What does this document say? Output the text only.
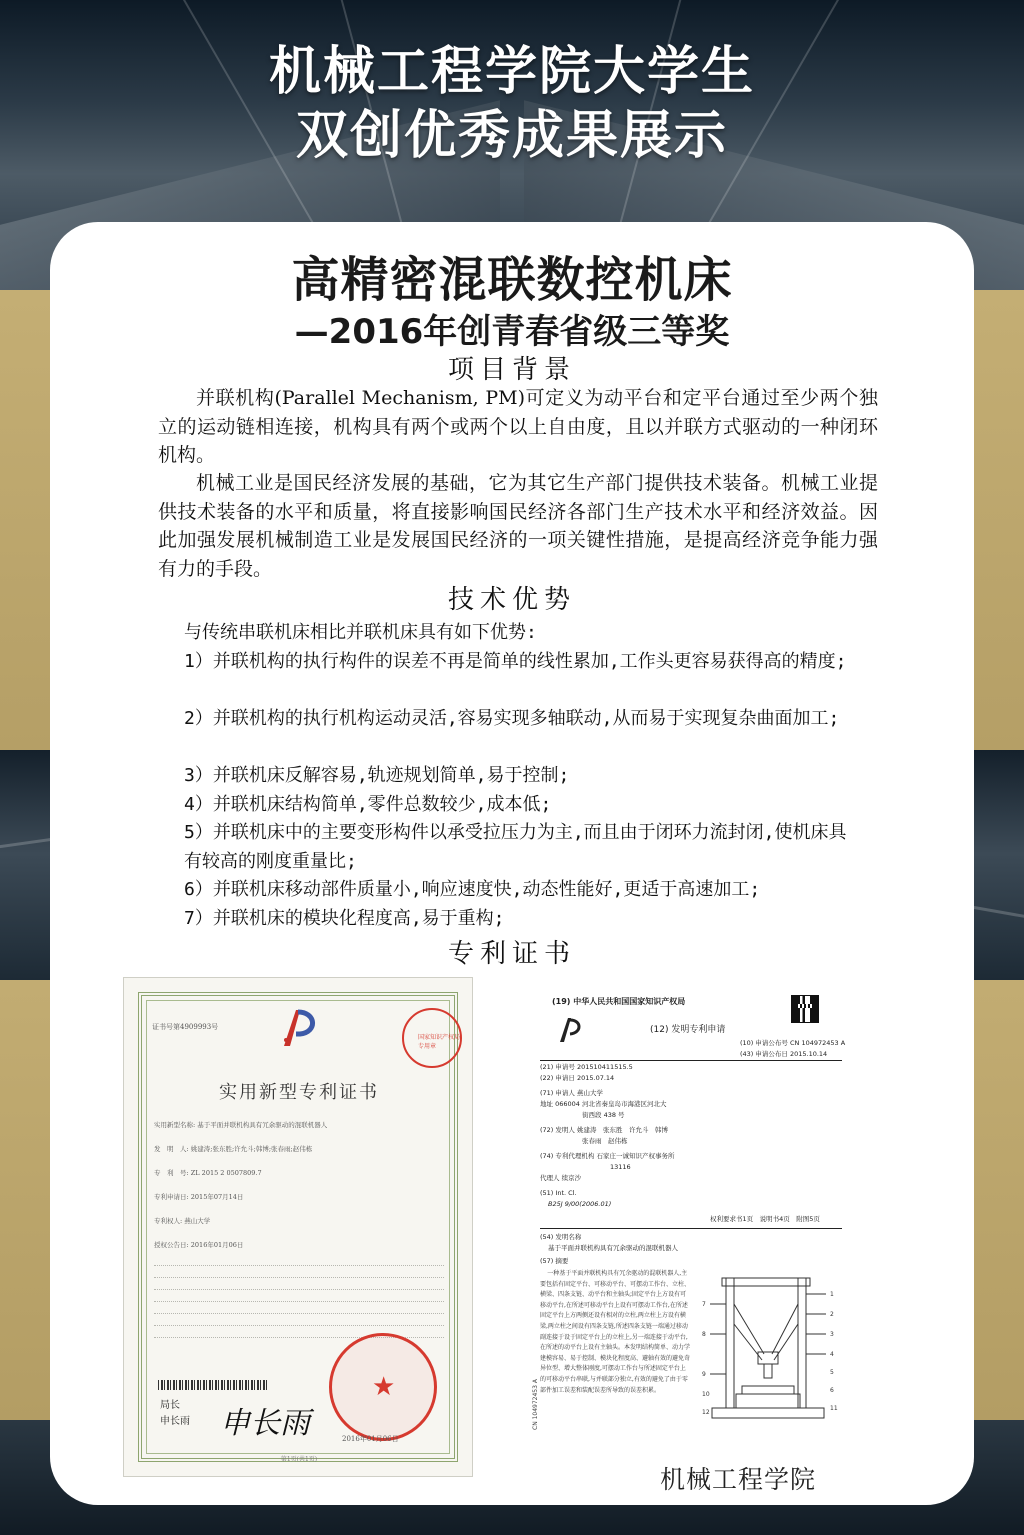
机械工程学院大学生
双创优秀成果展示
高精密混联数控机床
—2016年创青春省级三等奖
项目背景

并联机构(Parallel Mechanism, PM)可定义为动平台和定平台通过至少两个独立的运动链相连接，机构具有两个或两个以上自由度，且以并联方式驱动的一种闭环机构。

机械工业是国民经济发展的基础，它为其它生产部门提供技术装备。机械工业提供技术装备的水平和质量，将直接影响国民经济各部门生产技术水平和经济效益。因此加强发展机械制造工业是发展国民经济的一项关键性措施，是提高经济竞争能力强有力的手段。

技术优势
与传统串联机床相比并联机床具有如下优势:
1）并联机构的执行构件的误差不再是简单的线性累加,工作头更容易获得高的精度;
2）并联机构的执行机构运动灵活,容易实现多轴联动,从而易于实现复杂曲面加工;
3）并联机床反解容易,轨迹规划简单,易于控制;
4）并联机床结构简单,零件总数较少,成本低;
5）并联机床中的主要变形构件以承受拉压力为主,而且由于闭环力流封闭,使机床具有较高的刚度重量比;
6）并联机床移动部件质量小,响应速度快,动态性能好,更适于高速加工;
7）并联机床的模块化程度高,易于重构;
专利证书
证书号第4909993号
国家知识产权局专用章
实用新型专利证书
实用新型名称: 基于平面并联机构具有冗余驱动的混联机器人
发　明　人: 姚建涛;张东胜;许允斗;韩博;张春雨;赵伟栋
专　利　号: ZL 2015 2 0507809.7
专利申请日: 2015年07月14日
专利权人: 燕山大学
授权公告日: 2016年01月06日
局长
申长雨 申长雨
★
2016年01月06日
第1页(共1页)
(19) 中华人民共和国国家知识产权局
(12) 发明专利申请
(10) 申请公布号 CN 104972453 A
(43) 申请公布日 2015.10.14
(21) 申请号 201510411515.5
(22) 申请日 2015.07.14
(71) 申请人 燕山大学
地址 066004 河北省秦皇岛市海港区河北大
街西段 438 号
(72) 发明人 姚建涛　张东胜　许允斗　韩博
张春雨　赵伟栋
(74) 专利代理机构 石家庄一诚知识产权事务所
13116
代理人 续京沙
(51) Int. Cl.
B25J 9/00(2006.01)
权利要求书1页　说明书4页　附图5页
(54) 发明名称
基于平面并联机构具有冗余驱动的混联机器人
(57) 摘要
一种基于平面并联机构具有冗余驱动的混联机器人,主要包括有固定平台、可移动平台、可摆动工作台、立柱、横梁、四条支链、动平台和主轴头;固定平台上方设有可移动平台,在所述可移动平台上设有可摆动工作台,在所述固定平台上方两侧还设有相对的立柱,两立柱上方设有横梁,两立柱之间设有四条支链,所述四条支链一端通过移动副连接于设于固定平台上的立柱上,另一端连接于动平台,在所述的动平台上设有主轴头。本发明结构简单、动力学建模容易、易于控制、模块化程度高、避轴有效的避免奇异位型、增大整体刚度,可摆动工作台与所述固定平台上的可移动平台串联,与并联部分独立,有效的避免了由于零部件加工误差和装配误差所导致的误差积累。
1
2
3
4
5
6
7
8
9
10
11
12
CN 104972453 A
机械工程学院
